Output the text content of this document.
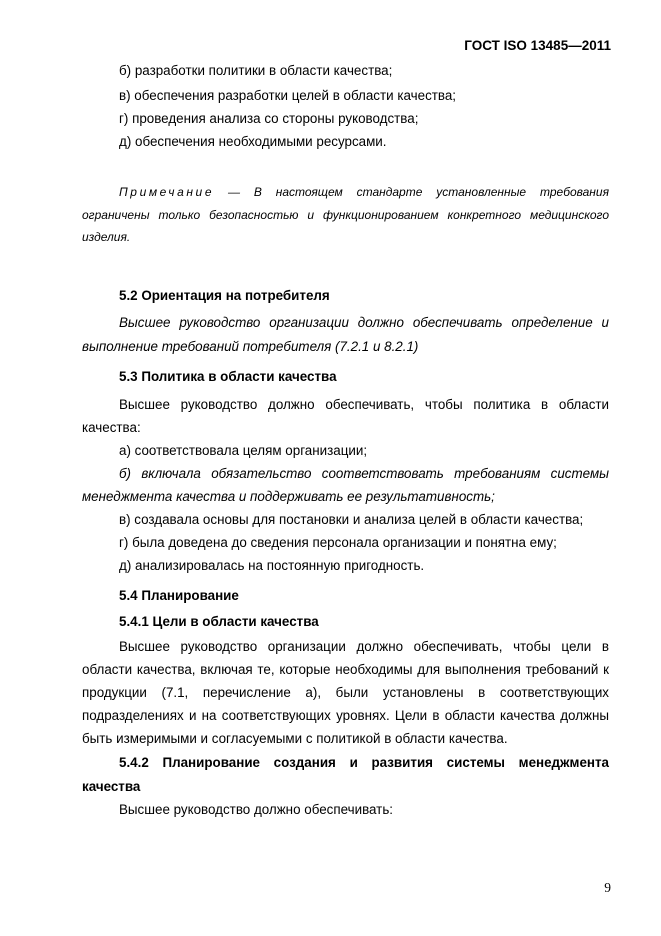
ГОСТ ISO 13485—2011
б) разработки политики в области качества;
в) обеспечения разработки целей в области качества;
г) проведения анализа со стороны руководства;
д) обеспечения необходимыми ресурсами.
Примечание — В настоящем стандарте установленные требования
ограничены только безопасностью и функционированием конкретного медицинского
изделия.
5.2 Ориентация на потребителя
Высшее руководство организации должно обеспечивать определение и
выполнение требований потребителя (7.2.1 и 8.2.1)
5.3 Политика в области качества
Высшее руководство должно обеспечивать, чтобы политика в области
качества:
а) соответствовала целям организации;
б) включала обязательство соответствовать требованиям системы
менеджмента качества и поддерживать ее результативность;
в) создавала основы для постановки и анализа целей в области качества;
г) была доведена до сведения персонала организации и понятна ему;
д) анализировалась на постоянную пригодность.
5.4 Планирование
5.4.1 Цели в области качества
Высшее руководство организации должно обеспечивать, чтобы цели в
области качества, включая те, которые необходимы для выполнения требований к
продукции (7.1, перечисление а), были установлены в соответствующих
подразделениях и на соответствующих уровнях. Цели в области качества должны
быть измеримыми и согласуемыми с политикой в области качества.
5.4.2 Планирование создания и развития системы менеджмента
качества
Высшее руководство должно обеспечивать:
9
